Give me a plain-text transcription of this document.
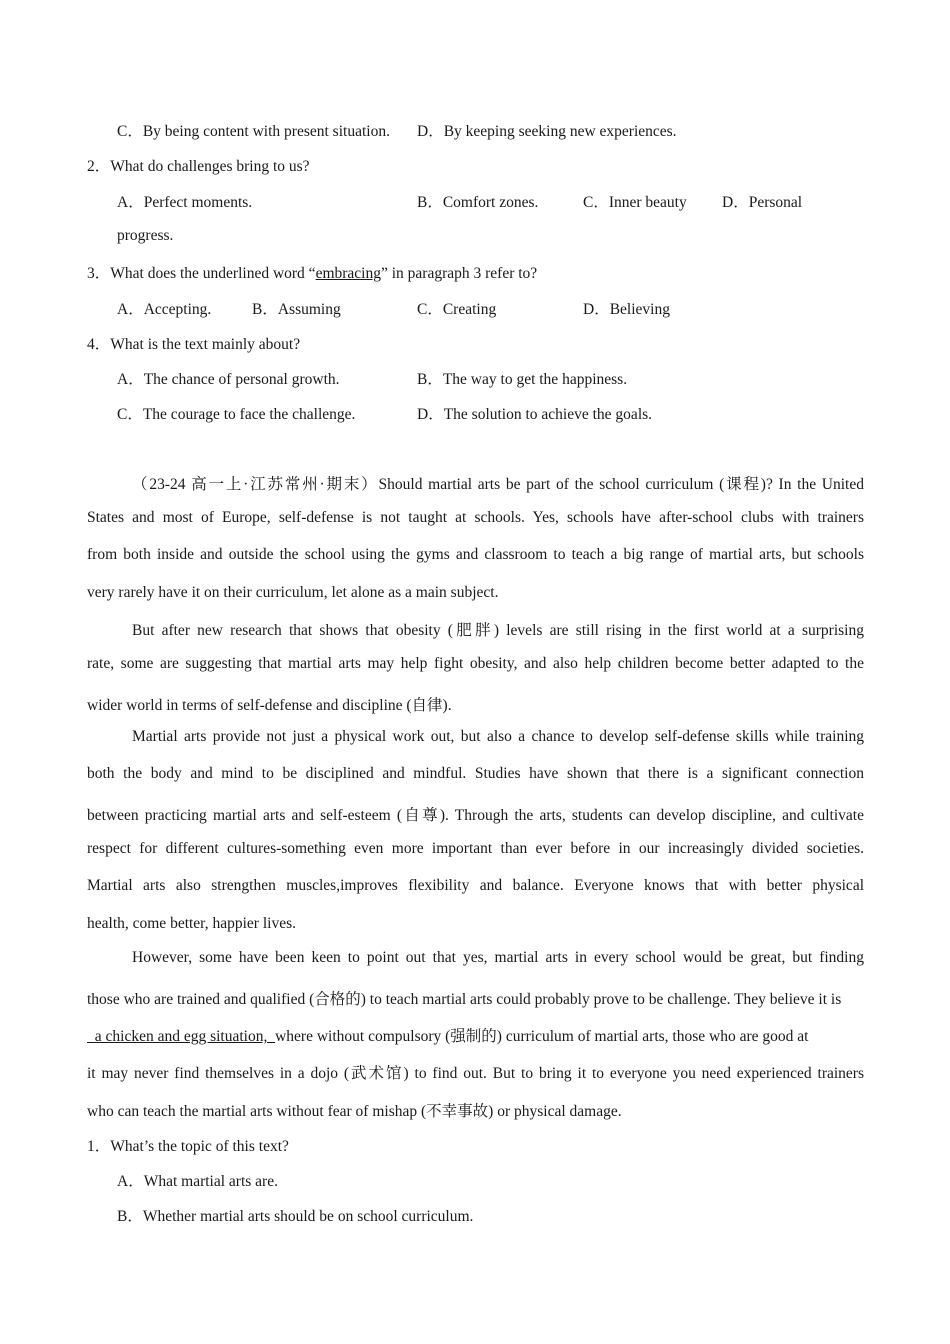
C．By being content with present situation. D．By keeping seeking new experiences.
2．What do challenges bring to us?
A．Perfect moments.	B．Comfort zones.	C．Inner beauty D．Personal
progress.
3．What does the underlined word “embracing” in paragraph 3 refer to?
A．Accepting.	B．Assuming	C．Creating	D．Believing
4．What is the text mainly about?
A．The chance of personal growth.	B．The way to get the happiness.
C．The courage to face the challenge.	D．The solution to achieve the goals.
（23-24 高一上·江苏常州·期末）Should martial arts be part of the school curriculum (课程)? In the United
States and most of Europe, self-defense is not taught at schools. Yes, schools have after-school clubs with trainers
from both inside and outside the school using the gyms and classroom to teach a big range of martial arts, but schools
very rarely have it on their curriculum, let alone as a main subject.
But after new research that shows that obesity (肥胖) levels are still rising in the first world at a surprising
rate, some are suggesting that martial arts may help fight obesity, and also help children become better adapted to the
wider world in terms of self-defense and discipline (自律).
Martial arts provide not just a physical work out, but also a chance to develop self-defense skills while training
both the body and mind to be disciplined and mindful. Studies have shown that there is a significant connection
between practicing martial arts and self-esteem (自尊). Through the arts, students can develop discipline, and cultivate
respect for different cultures-something even more important than ever before in our increasingly divided societies.
Martial arts also strengthen muscles,improves flexibility and balance. Everyone knows that with better physical
health, come better, happier lives.
However, some have been keen to point out that yes, martial arts in every school would be great, but finding
those who are trained and qualified (合格的) to teach martial arts could probably prove to be challenge. They believe it is
a chicken and egg situation,  where without compulsory (强制的) curriculum of martial arts, those who are good at
it may never find themselves in a dojo (武术馆) to find out. But to bring it to everyone you need experienced trainers
who can teach the martial arts without fear of mishap (不幸事故) or physical damage.
1．What’s the topic of this text?
A．What martial arts are.
B．Whether martial arts should be on school curriculum.
